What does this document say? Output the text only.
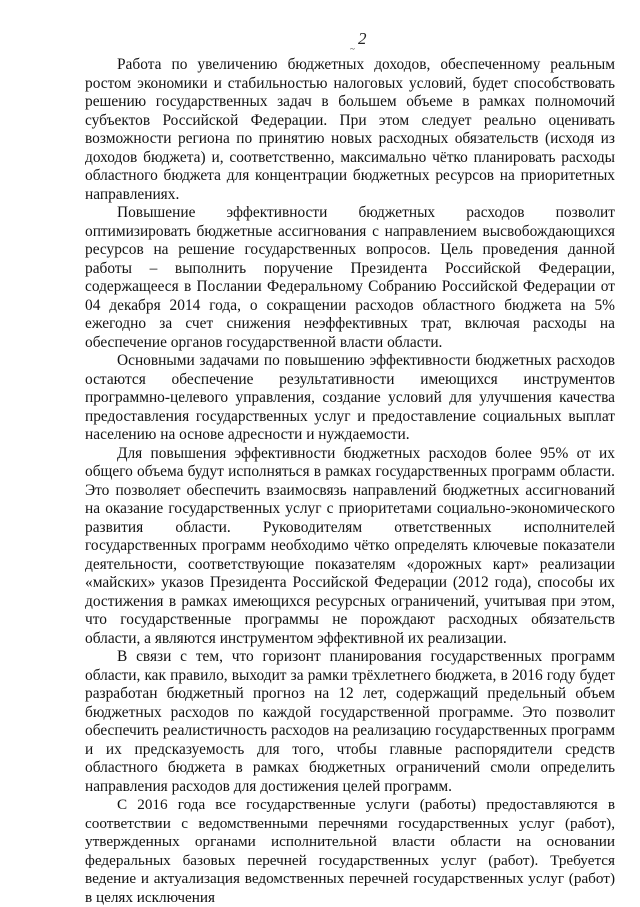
~
2

Работа по увеличению бюджетных доходов, обеспеченному реальным ростом экономики и стабильностью налоговых условий, будет способствовать решению государственных задач в большем объеме в рамках полномочий субъектов Российской Федерации. При этом следует реально оценивать возможности региона по принятию новых расходных обязательств (исходя из доходов бюджета) и, соответственно, максимально чётко планировать расходы областного бюджета для концентрации бюджетных ресурсов на приоритетных направлениях.

Повышение эффективности бюджетных расходов позволит оптимизировать бюджетные ассигнования с направлением высвобождающихся ресурсов на решение государственных вопросов. Цель проведения данной работы – выполнить поручение Президента Российской Федерации, содержащееся в Послании Федеральному Собранию Российской Федерации от 04 декабря 2014 года, о сокращении расходов областного бюджета на 5% ежегодно за счет снижения неэффективных трат, включая расходы на обеспечение органов государственной власти области.

Основными задачами по повышению эффективности бюджетных расходов остаются обеспечение результативности имеющихся инструментов программно-целевого управления, создание условий для улучшения качества предоставления государственных услуг и предоставление социальных выплат населению на основе адресности и нуждаемости.

Для повышения эффективности бюджетных расходов более 95% от их общего объема будут исполняться в рамках государственных программ области. Это позволяет обеспечить взаимосвязь направлений бюджетных ассигнований на оказание государственных услуг с приоритетами социально-экономического развития области. Руководителям ответственных исполнителей государственных программ необходимо чётко определять ключевые показатели деятельности, соответствующие показателям «дорожных карт» реализации «майских» указов Президента Российской Федерации (2012 года), способы их достижения в рамках имеющихся ресурсных ограничений, учитывая при этом, что государственные программы не порождают расходных обязательств области, а являются инструментом эффективной их реализации.

В связи с тем, что горизонт планирования государственных программ области, как правило, выходит за рамки трёхлетнего бюджета, в 2016 году будет разработан бюджетный прогноз на 12 лет, содержащий предельный объем бюджетных расходов по каждой государственной программе. Это позволит обеспечить реалистичность расходов на реализацию государственных программ и их предсказуемость для того, чтобы главные распорядители средств областного бюджета в рамках бюджетных ограничений смоли определить направления расходов для достижения целей программ.

С 2016 года все государственные услуги (работы) предоставляются в соответствии с ведомственными перечнями государственных услуг (работ), утвержденных органами исполнительной власти области на основании федеральных базовых перечней государственных услуг (работ). Требуется ведение и актуализация ведомственных перечней государственных услуг (работ) в целях исключения
